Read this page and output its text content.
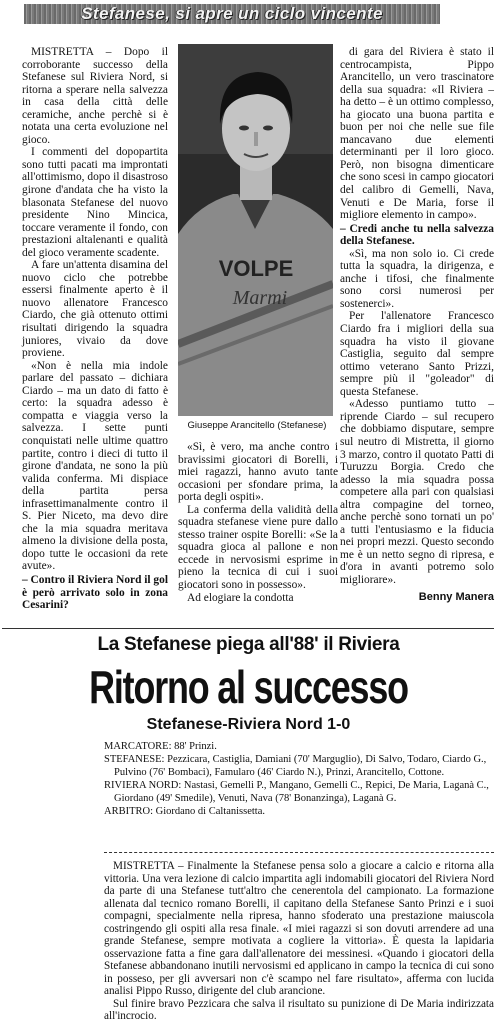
Stefanese, si apre un ciclo vincente

MISTRETTA – Dopo il corroborante successo della Stefanese sul Riviera Nord, si ritorna a sperare nella salvezza in casa della città delle ceramiche, anche perchè si è notata una certa evoluzione nel gioco.

I commenti del dopopartita sono tutti pacati ma improntati all'ottimismo, dopo il disastroso girone d'andata che ha visto la blasonata Stefanese del nuovo presidente Nino Mincica, toccare veramente il fondo, con prestazioni altalenanti e qualità del gioco veramente scadente.

A fare un'attenta disamina del nuovo ciclo che potrebbe essersi finalmente aperto è il nuovo allenatore Francesco Ciardo, che già ottenuto ottimi risultati dirigendo la squadra juniores, vivaio da dove proviene.

«Non è nella mia indole parlare del passato – dichiara Ciardo – ma un dato di fatto è certo: la squadra adesso è compatta e viaggia verso la salvezza. I sette punti conquistati nelle ultime quattro partite, contro i dieci di tutto il girone d'andata, ne sono la più valida conferma. Mi dispiace della partita persa infrasettimanalmente contro il S. Pier Niceto, ma devo dire che la mia squadra meritava almeno la divisione della posta, dopo tutte le occasioni da rete avute».

– Contro il Riviera Nord il gol è però arrivato solo in zona Cesarini?

VOLPE
Marmi
Giuseppe Arancitello (Stefanese)

«Sì, è vero, ma anche contro i bravissimi giocatori di Borelli, i miei ragazzi, hanno avuto tante occasioni per sfondare prima, la porta degli ospiti».

La conferma della validità della squadra stefanese viene pure dallo stesso trainer ospite Borelli: «Se la squadra gioca al pallone e non eccede in nervosismi esprime in pieno la tecnica di cui i suoi giocatori sono in possesso».

Ad elogiare la condotta

di gara del Riviera è stato il centrocampista, Pippo Arancitello, un vero trascinatore della sua squadra: «Il Riviera – ha detto – è un ottimo complesso, ha giocato una buona partita e buon per noi che nelle sue file mancavano due elementi determinanti per il loro gioco. Però, non bisogna dimenticare che sono scesi in campo giocatori del calibro di Gemelli, Nava, Venuti e De Maria, forse il migliore elemento in campo».

– Credi anche tu nella salvezza della Stefanese.

«Sì, ma non solo io. Ci crede tutta la squadra, la dirigenza, e anche i tifosi, che finalmente sono corsi numerosi per sostenerci».

Per l'allenatore Francesco Ciardo fra i migliori della sua squadra ha visto il giovane Castiglia, seguito dal sempre ottimo veterano Santo Prizzi, sempre più il "goleador" di questa Stefanese.

«Adesso puntiamo tutto – riprende Ciardo – sul recupero che dobbiamo disputare, sempre sul neutro di Mistretta, il giorno 3 marzo, contro il quotato Patti di Turuzzu Borgia. Credo che adesso la mia squadra possa competere alla pari con qualsiasi altra compagine del torneo, anche perchè sono tornati un po' a tutti l'entusiasmo e la fiducia nei propri mezzi. Questo secondo me è un netto segno di ripresa, e d'ora in avanti potremo solo migliorare».

Benny Manera
La Stefanese piega all'88' il Riviera
Ritorno al successo
Stefanese-Riviera Nord 1-0
MARCATORE: 88' Prinzi.
STEFANESE: Pezzicara, Castiglia, Damiani (70' Marguglio), Di Salvo, Todaro, Ciardo G., Pulvino (76' Bombaci), Famularo (46' Ciardo N.), Prinzi, Arancitello, Cottone.
RIVIERA NORD: Nastasi, Gemelli P., Mangano, Gemelli C., Repici, De Maria, Laganà C., Giordano (49' Smedile), Venuti, Nava (78' Bonanzinga), Laganà G.
ARBITRO: Giordano di Caltanissetta.

MISTRETTA – Finalmente la Stefanese pensa solo a giocare a calcio e ritorna alla vittoria. Una vera lezione di calcio impartita agli indomabili giocatori del Riviera Nord da parte di una Stefanese tutt'altro che cenerentola del campionato. La formazione allenata dal tecnico romano Borelli, il capitano della Stefanese Santo Prinzi e i suoi compagni, specialmente nella ripresa, hanno sfoderato una prestazione maiuscola costringendo gli ospiti alla resa finale. «I miei ragazzi si son dovuti arrendere ad una grande Stefanese, sempre motivata a cogliere la vittoria». È questa la lapidaria osservazione fatta a fine gara dall'allenatore dei messinesi. «Quando i giocatori della Stefanese abbandonano inutili nervosismi ed applicano in campo la tecnica di cui sono in posseso, per gli avversari non c'è scampo nel fare risultato», afferma con lucida analisi Pippo Russo, dirigente del club arancione.

Sul finire bravo Pezzicara che salva il risultato su punizione di De Maria indirizzata all'incrocio.
